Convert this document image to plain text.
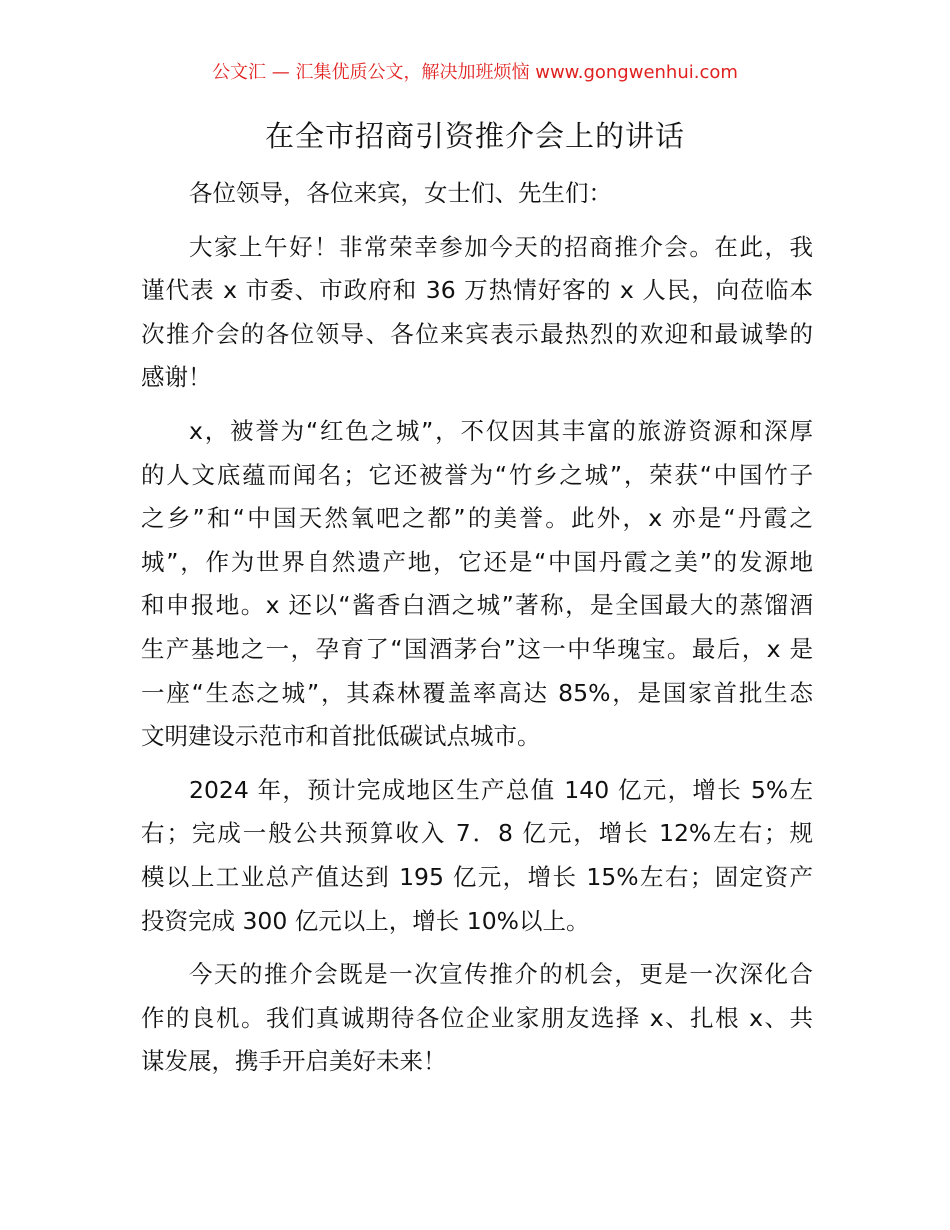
公文汇 — 汇集优质公文，解决加班烦恼 www.gongwenhui.com
在全市招商引资推介会上的讲话
各位领导，各位来宾，女士们、先生们：
大家上午好！非常荣幸参加今天的招商推介会。在此，我
谨代表 x 市委、市政府和 36 万热情好客的 x 人民，向莅临本
次推介会的各位领导、各位来宾表示最热烈的欢迎和最诚挚的
感谢！
x，被誉为“红色之城”，不仅因其丰富的旅游资源和深厚
的人文底蕴而闻名；它还被誉为“竹乡之城”，荣获“中国竹子
之乡”和“中国天然氧吧之都”的美誉。此外，x 亦是“丹霞之
城”，作为世界自然遗产地，它还是“中国丹霞之美”的发源地
和申报地。x 还以“酱香白酒之城”著称，是全国最大的蒸馏酒
生产基地之一，孕育了“国酒茅台”这一中华瑰宝。最后，x 是
一座“生态之城”，其森林覆盖率高达 85%，是国家首批生态
文明建设示范市和首批低碳试点城市。
2024 年，预计完成地区生产总值 140 亿元，增长 5%左
右；完成一般公共预算收入 7．8 亿元，增长 12%左右；规
模以上工业总产值达到 195 亿元，增长 15%左右；固定资产
投资完成 300 亿元以上，增长 10%以上。
今天的推介会既是一次宣传推介的机会，更是一次深化合
作的良机。我们真诚期待各位企业家朋友选择 x、扎根 x、共
谋发展，携手开启美好未来！
